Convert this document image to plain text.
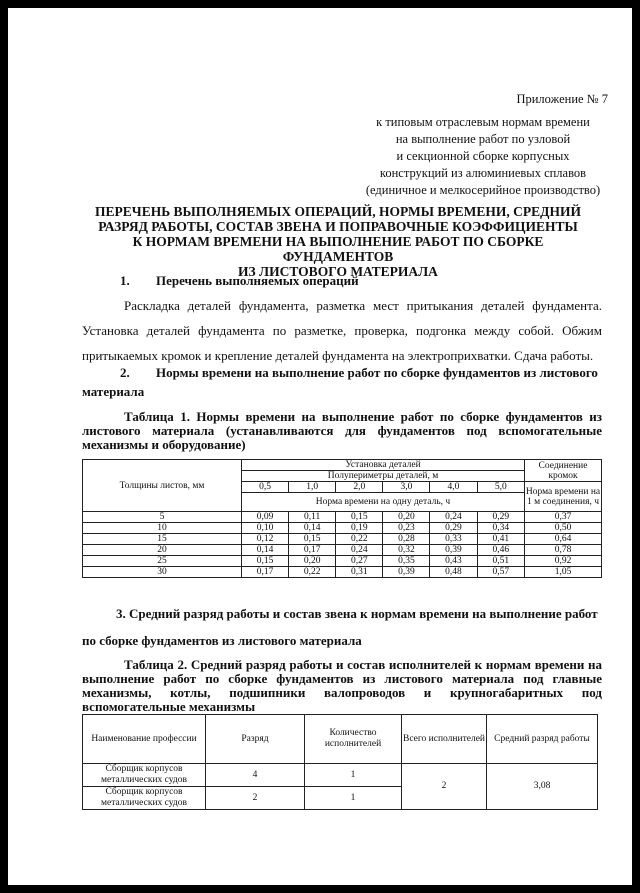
Приложение № 7
к типовым отраслевым нормам времени
на выполнение работ по узловой
и секционной сборке корпусных
конструкций из алюминиевых сплавов
(единичное и мелкосерийное производство)
ПЕРЕЧЕНЬ ВЫПОЛНЯЕМЫХ ОПЕРАЦИЙ, НОРМЫ ВРЕМЕНИ, СРЕДНИЙ
РАЗРЯД РАБОТЫ, СОСТАВ ЗВЕНА И ПОПРАВОЧНЫЕ КОЭФФИЦИЕНТЫ
К НОРМАМ ВРЕМЕНИ НА ВЫПОЛНЕНИЕ РАБОТ ПО СБОРКЕ ФУНДАМЕНТОВ
ИЗ ЛИСТОВОГО МАТЕРИАЛА
1. Перечень выполняемых операций
Раскладка деталей фундамента, разметка мест притыкания деталей фундамента. Установка деталей фундамента по разметке, проверка, подгонка между собой. Обжим притыкаемых кромок и крепление деталей фундамента на электроприхватки. Сдача работы.
2. Нормы времени на выполнение работ по сборке фундаментов из листового
материала
Таблица 1. Нормы времени на выполнение работ по сборке фундаментов из листового материала (устанавливаются для фундаментов под вспомогательные механизмы и оборудование)
Толщины листов, мм	Установка деталей						Соединение кромок
	Полупериметры деталей, м						
	0,5	1,0	2,0	3,0	4,0	5,0	Норма времени на 1 м соединения, ч
	Норма времени на одну деталь, ч						
5	0,09	0,11	0,15	0,20	0,24	0,29	0,37
10	0,10	0,14	0,19	0,23	0,29	0,34	0,50
15	0,12	0,15	0,22	0,28	0,33	0,41	0,64
20	0,14	0,17	0,24	0,32	0,39	0,46	0,78
25	0,15	0,20	0,27	0,35	0,43	0,51	0,92
30	0,17	0,22	0,31	0,39	0,48	0,57	1,05
3. Средний разряд работы и состав звена к нормам времени на выполнение работ
по сборке фундаментов из листового материала
Таблица 2. Средний разряд работы и состав исполнителей к нормам времени на выполнение работ по сборке фундаментов из листового материала под главные механизмы, котлы, подшипники валопроводов и крупногабаритных под вспомогательные механизмы
Наименование профессии	Разряд	Количество исполнителей	Всего исполнителей	Средний разряд работы
Сборщик корпусов металлических судов	4	1	2	3,08
Сборщик корпусов металлических судов	2	1		
